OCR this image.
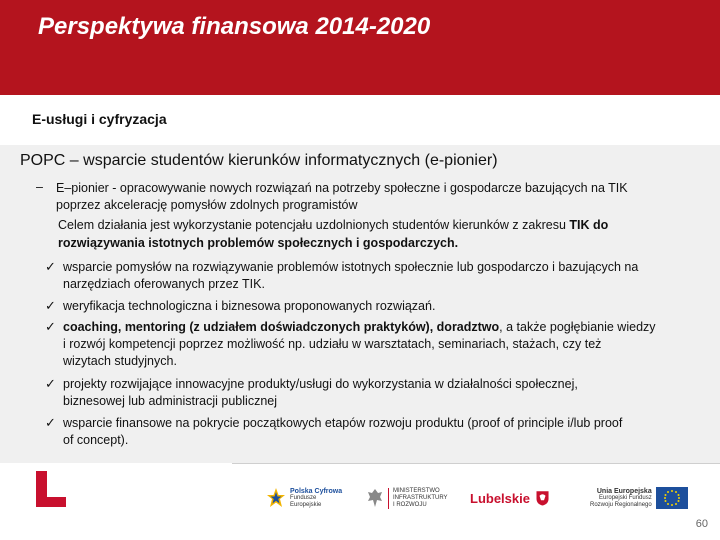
Perspektywa finansowa 2014-2020
E-usługi i cyfryzacja
POPC – wsparcie studentów kierunków informatycznych (e-pionier)
– E–pionier - opracowywanie nowych rozwiązań na potrzeby społeczne i gospodarcze bazujących na TIK
poprzez akcelerację pomysłów zdolnych programistów
Celem działania jest wykorzystanie potencjału uzdolnionych studentów kierunków z zakresu TIK do
rozwiązywania istotnych problemów społecznych i gospodarczych.
✓ wsparcie pomysłów na rozwiązywanie problemów istotnych społecznie lub gospodarczo i bazujących na
narzędziach oferowanych przez TIK.
✓ weryfikacja technologiczna i biznesowa proponowanych rozwiązań.
✓ coaching, mentoring (z udziałem doświadczonych praktyków), doradztwo, a także pogłębianie wiedzy
i rozwój kompetencji poprzez możliwość np. udziału w warsztatach, seminariach, stażach, czy też
wizytach studyjnych.
✓ projekty rozwijające innowacyjne produkty/usługi do wykorzystania w działalności społecznej,
biznesowej lub administracji publicznej
✓ wsparcie finansowe na pokrycie początkowych etapów rozwoju produktu (proof of principle i/lub proof
of concept).
Polska Cyfrowa
Fundusze
Europejskie
MINISTERSTWO
INFRASTRUKTURY
I ROZWOJU	Lubelskie	Unia Europejska
Europejski Fundusz
Rozwoju Regionalnego
60
